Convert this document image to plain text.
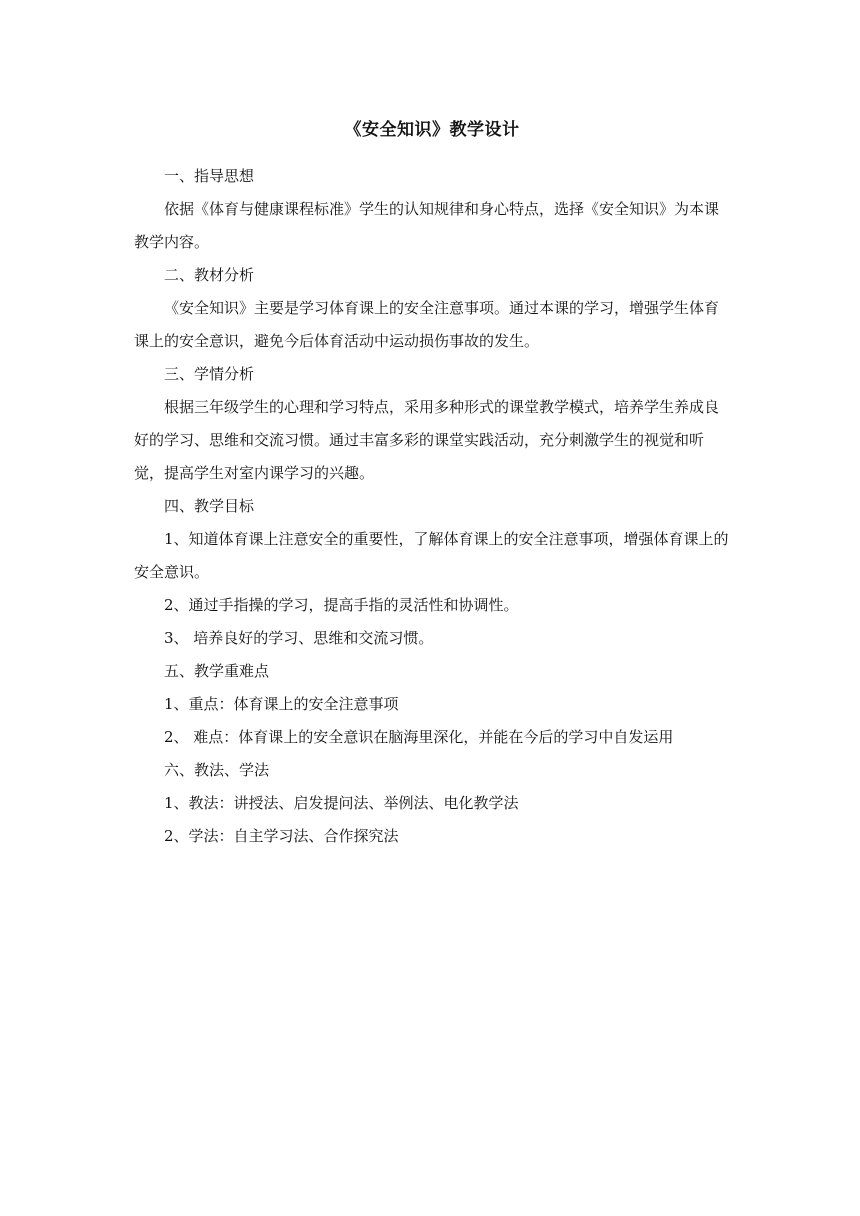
《安全知识》教学设计

一、指导思想

依据《体育与健康课程标准》学生的认知规律和身心特点，选择《安全知识》为本课教学内容。

二、教材分析

《安全知识》主要是学习体育课上的安全注意事项。通过本课的学习，增强学生体育课上的安全意识，避免今后体育活动中运动损伤事故的发生。

三、学情分析

根据三年级学生的心理和学习特点，采用多种形式的课堂教学模式，培养学生养成良好的学习、思维和交流习惯。通过丰富多彩的课堂实践活动，充分刺激学生的视觉和听觉，提高学生对室内课学习的兴趣。

四、教学目标

1、知道体育课上注意安全的重要性，了解体育课上的安全注意事项，增强体育课上的安全意识。

2、通过手指操的学习，提高手指的灵活性和协调性。

3、 培养良好的学习、思维和交流习惯。

五、教学重难点

1、重点：体育课上的安全注意事项

2、 难点：体育课上的安全意识在脑海里深化，并能在今后的学习中自发运用

六、教法、学法

1、教法：讲授法、启发提问法、举例法、电化教学法

2、学法：自主学习法、合作探究法
